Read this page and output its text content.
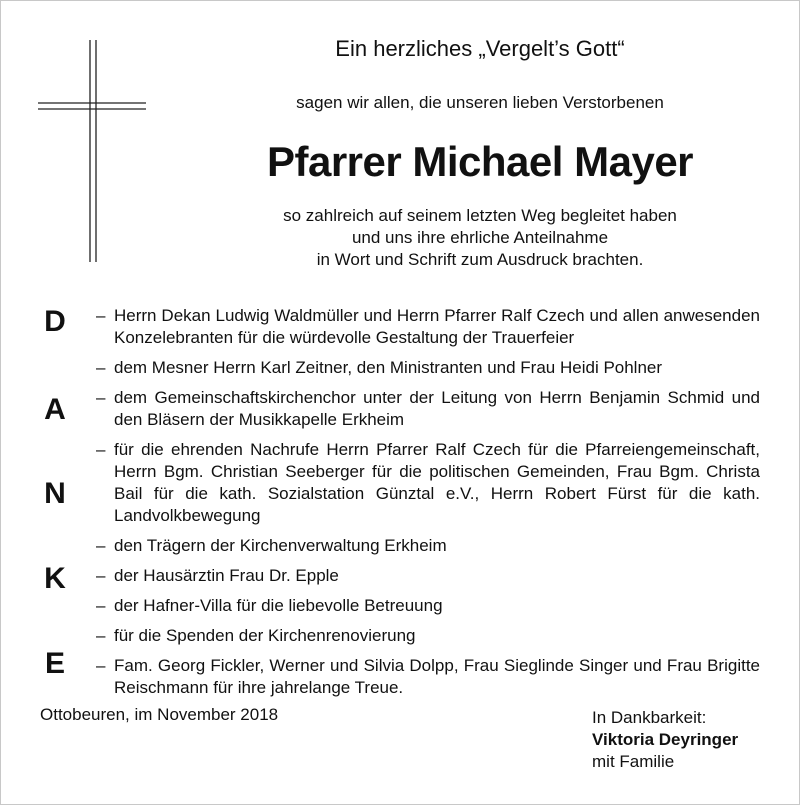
Ein herzliches „Vergelt’s Gott“
sagen wir allen, die unseren lieben Verstorbenen
Pfarrer Michael Mayer
so zahlreich auf seinem letzten Weg begleitet haben
und uns ihre ehrliche Anteilnahme
in Wort und Schrift zum Ausdruck brachten.
D
A
N
K
E
– Herrn Dekan Ludwig Waldmüller und Herrn Pfarrer Ralf Czech und allen anwesenden Konzelebranten für die würdevolle Gestaltung der Trauerfeier
– dem Mesner Herrn Karl Zeitner, den Ministranten und Frau Heidi Pohlner
– dem Gemeinschaftskirchenchor unter der Leitung von Herrn Benjamin Schmid und den Bläsern der Musikkapelle Erkheim
– für die ehrenden Nachrufe Herrn Pfarrer Ralf Czech für die Pfarreiengemeinschaft, Herrn Bgm. Christian Seeberger für die politischen Gemeinden, Frau Bgm. Christa Bail für die kath. Sozialstation Günztal e.V., Herrn Robert Fürst für die kath. Landvolkbewegung
– den Trägern der Kirchenverwaltung Erkheim
– der Hausärztin Frau Dr. Epple
– der Hafner-Villa für die liebevolle Betreuung
– für die Spenden der Kirchenrenovierung
– Fam. Georg Fickler, Werner und Silvia Dolpp, Frau Sieglinde Singer und Frau Brigitte Reischmann für ihre jahrelange Treue.
Ottobeuren, im November 2018	In Dankbarkeit:
Viktoria Deyringer
mit Familie
